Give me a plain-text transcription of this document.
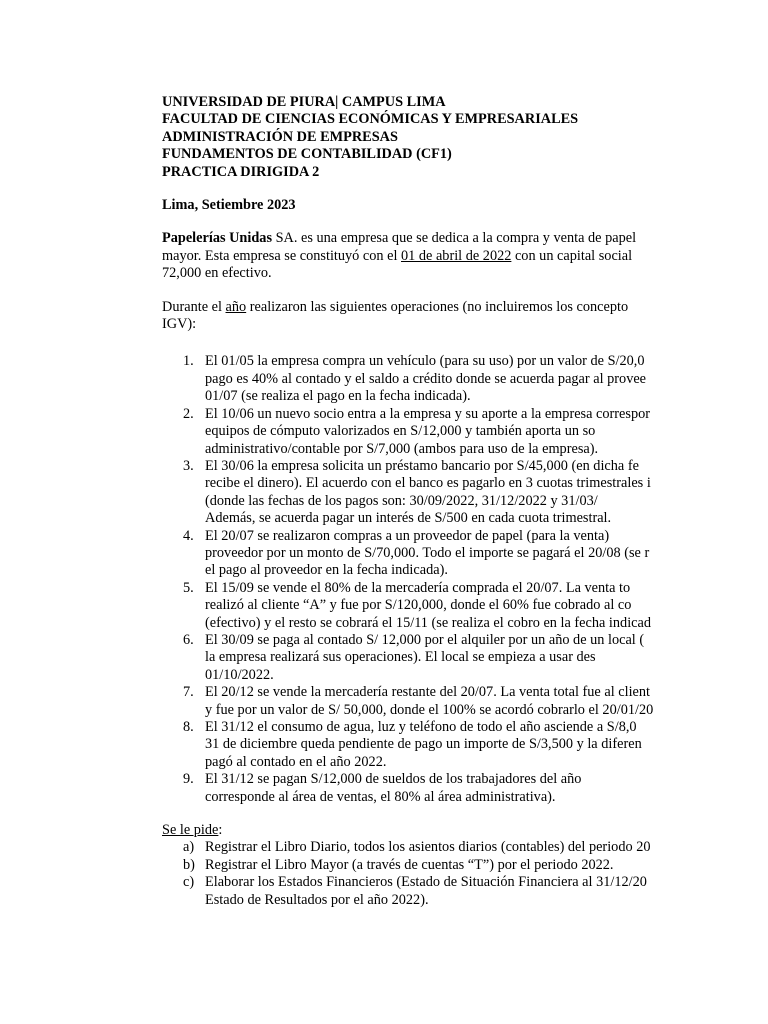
UNIVERSIDAD DE PIURA| CAMPUS LIMA
FACULTAD DE CIENCIAS ECONÓMICAS Y EMPRESARIALES
ADMINISTRACIÓN DE EMPRESAS
FUNDAMENTOS DE CONTABILIDAD (CF1)
PRACTICA DIRIGIDA 2
Lima, Setiembre 2023
Papelerías Unidas SA. es una empresa que se dedica a la compra y venta de papel
mayor. Esta empresa se constituyó con el 01 de abril de 2022 con un capital social
72,000 en efectivo.
Durante el año realizaron las siguientes operaciones (no incluiremos los concepto
IGV):
1. El 01/05 la empresa compra un vehículo (para su uso) por un valor de S/20,0
pago es 40% al contado y el saldo a crédito donde se acuerda pagar al provee
01/07 (se realiza el pago en la fecha indicada).
2. El 10/06 un nuevo socio entra a la empresa y su aporte a la empresa correspor
equipos de cómputo valorizados en S/12,000 y también aporta un so
administrativo/contable por S/7,000 (ambos para uso de la empresa).
3. El 30/06 la empresa solicita un préstamo bancario por S/45,000 (en dicha fe
recibe el dinero). El acuerdo con el banco es pagarlo en 3 cuotas trimestrales i
(donde las fechas de los pagos son: 30/09/2022, 31/12/2022 y 31/03/
Además, se acuerda pagar un interés de S/500 en cada cuota trimestral.
4. El 20/07 se realizaron compras a un proveedor de papel (para la venta)
proveedor por un monto de S/70,000. Todo el importe se pagará el 20/08 (se r
el pago al proveedor en la fecha indicada).
5. El 15/09 se vende el 80% de la mercadería comprada el 20/07. La venta to
realizó al cliente “A” y fue por S/120,000, donde el 60% fue cobrado al co
(efectivo) y el resto se cobrará el 15/11 (se realiza el cobro en la fecha indicad
6. El 30/09 se paga al contado S/ 12,000 por el alquiler por un año de un local (
la empresa realizará sus operaciones). El local se empieza a usar des
01/10/2022.
7. El 20/12 se vende la mercadería restante del 20/07. La venta total fue al client
y fue por un valor de S/ 50,000, donde el 100% se acordó cobrarlo el 20/01/20
8. El 31/12 el consumo de agua, luz y teléfono de todo el año asciende a S/8,0
31 de diciembre queda pendiente de pago un importe de S/3,500 y la diferen
pagó al contado en el año 2022.
9. El 31/12 se pagan S/12,000 de sueldos de los trabajadores del año
corresponde al área de ventas, el 80% al área administrativa).
Se le pide:
a) Registrar el Libro Diario, todos los asientos diarios (contables) del periodo 20
b) Registrar el Libro Mayor (a través de cuentas “T”) por el periodo 2022.
c) Elaborar los Estados Financieros (Estado de Situación Financiera al 31/12/20
Estado de Resultados por el año 2022).
